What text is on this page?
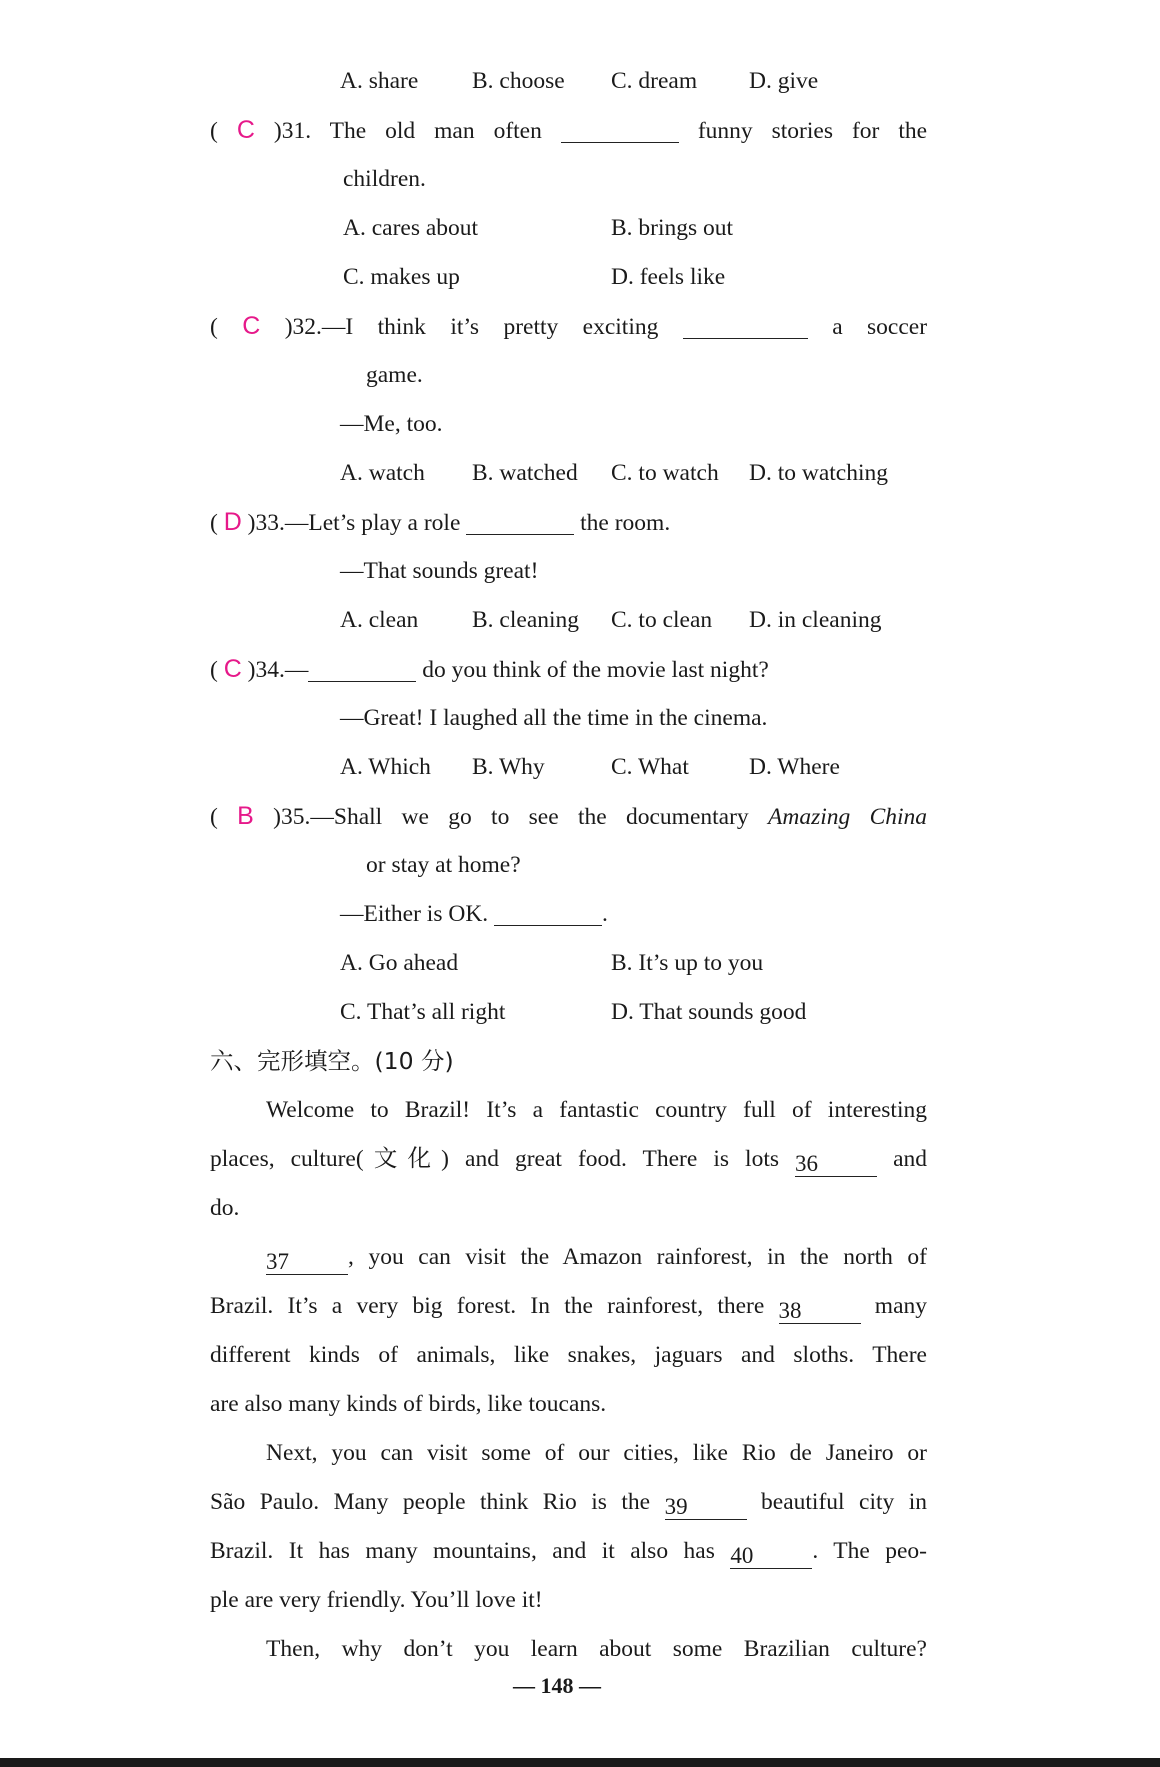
A. share B. choose C. dream D. give
( C )31. The old man often	funny stories for the
children.
A. cares about	B. brings out
C. makes up	D. feels like
( C )32.—I think it’s pretty exciting	a soccer
game.
—Me, too.
A. watch B. watched C. to watch D. to watching
( D )33.—Let’s play a role	the room.
—That sounds great!
A. clean B. cleaning C. to clean D. in cleaning
( C )34.—	do you think of the movie last night?
—Great! I laughed all the time in the cinema.
A. Which B. Why	C. What	D. Where
( B )35.—Shall we go to see the documentary Amazing China
or stay at home?
—Either is OK.	.
A. Go ahead	B. It’s up to you
C. That’s all right	D. That sounds good
六、完形填空。(10 分)
Welcome to Brazil! It’s a fantastic country full of interesting
places, culture(文化) and great food. There is lots 36	and
do.
37	, you can visit the Amazon rainforest, in the north of
Brazil. It’s a very big forest. In the rainforest, there 38	many
different kinds of animals, like snakes, jaguars and sloths. There
are also many kinds of birds, like toucans.
Next, you can visit some of our cities, like Rio de Janeiro or
São Paulo. Many people think Rio is the 39	beautiful city in
Brazil. It has many mountains, and it also has 40	. The peo-
ple are very friendly. You’ll love it!
Then, why don’t you learn about some Brazilian culture?
— 148 —
